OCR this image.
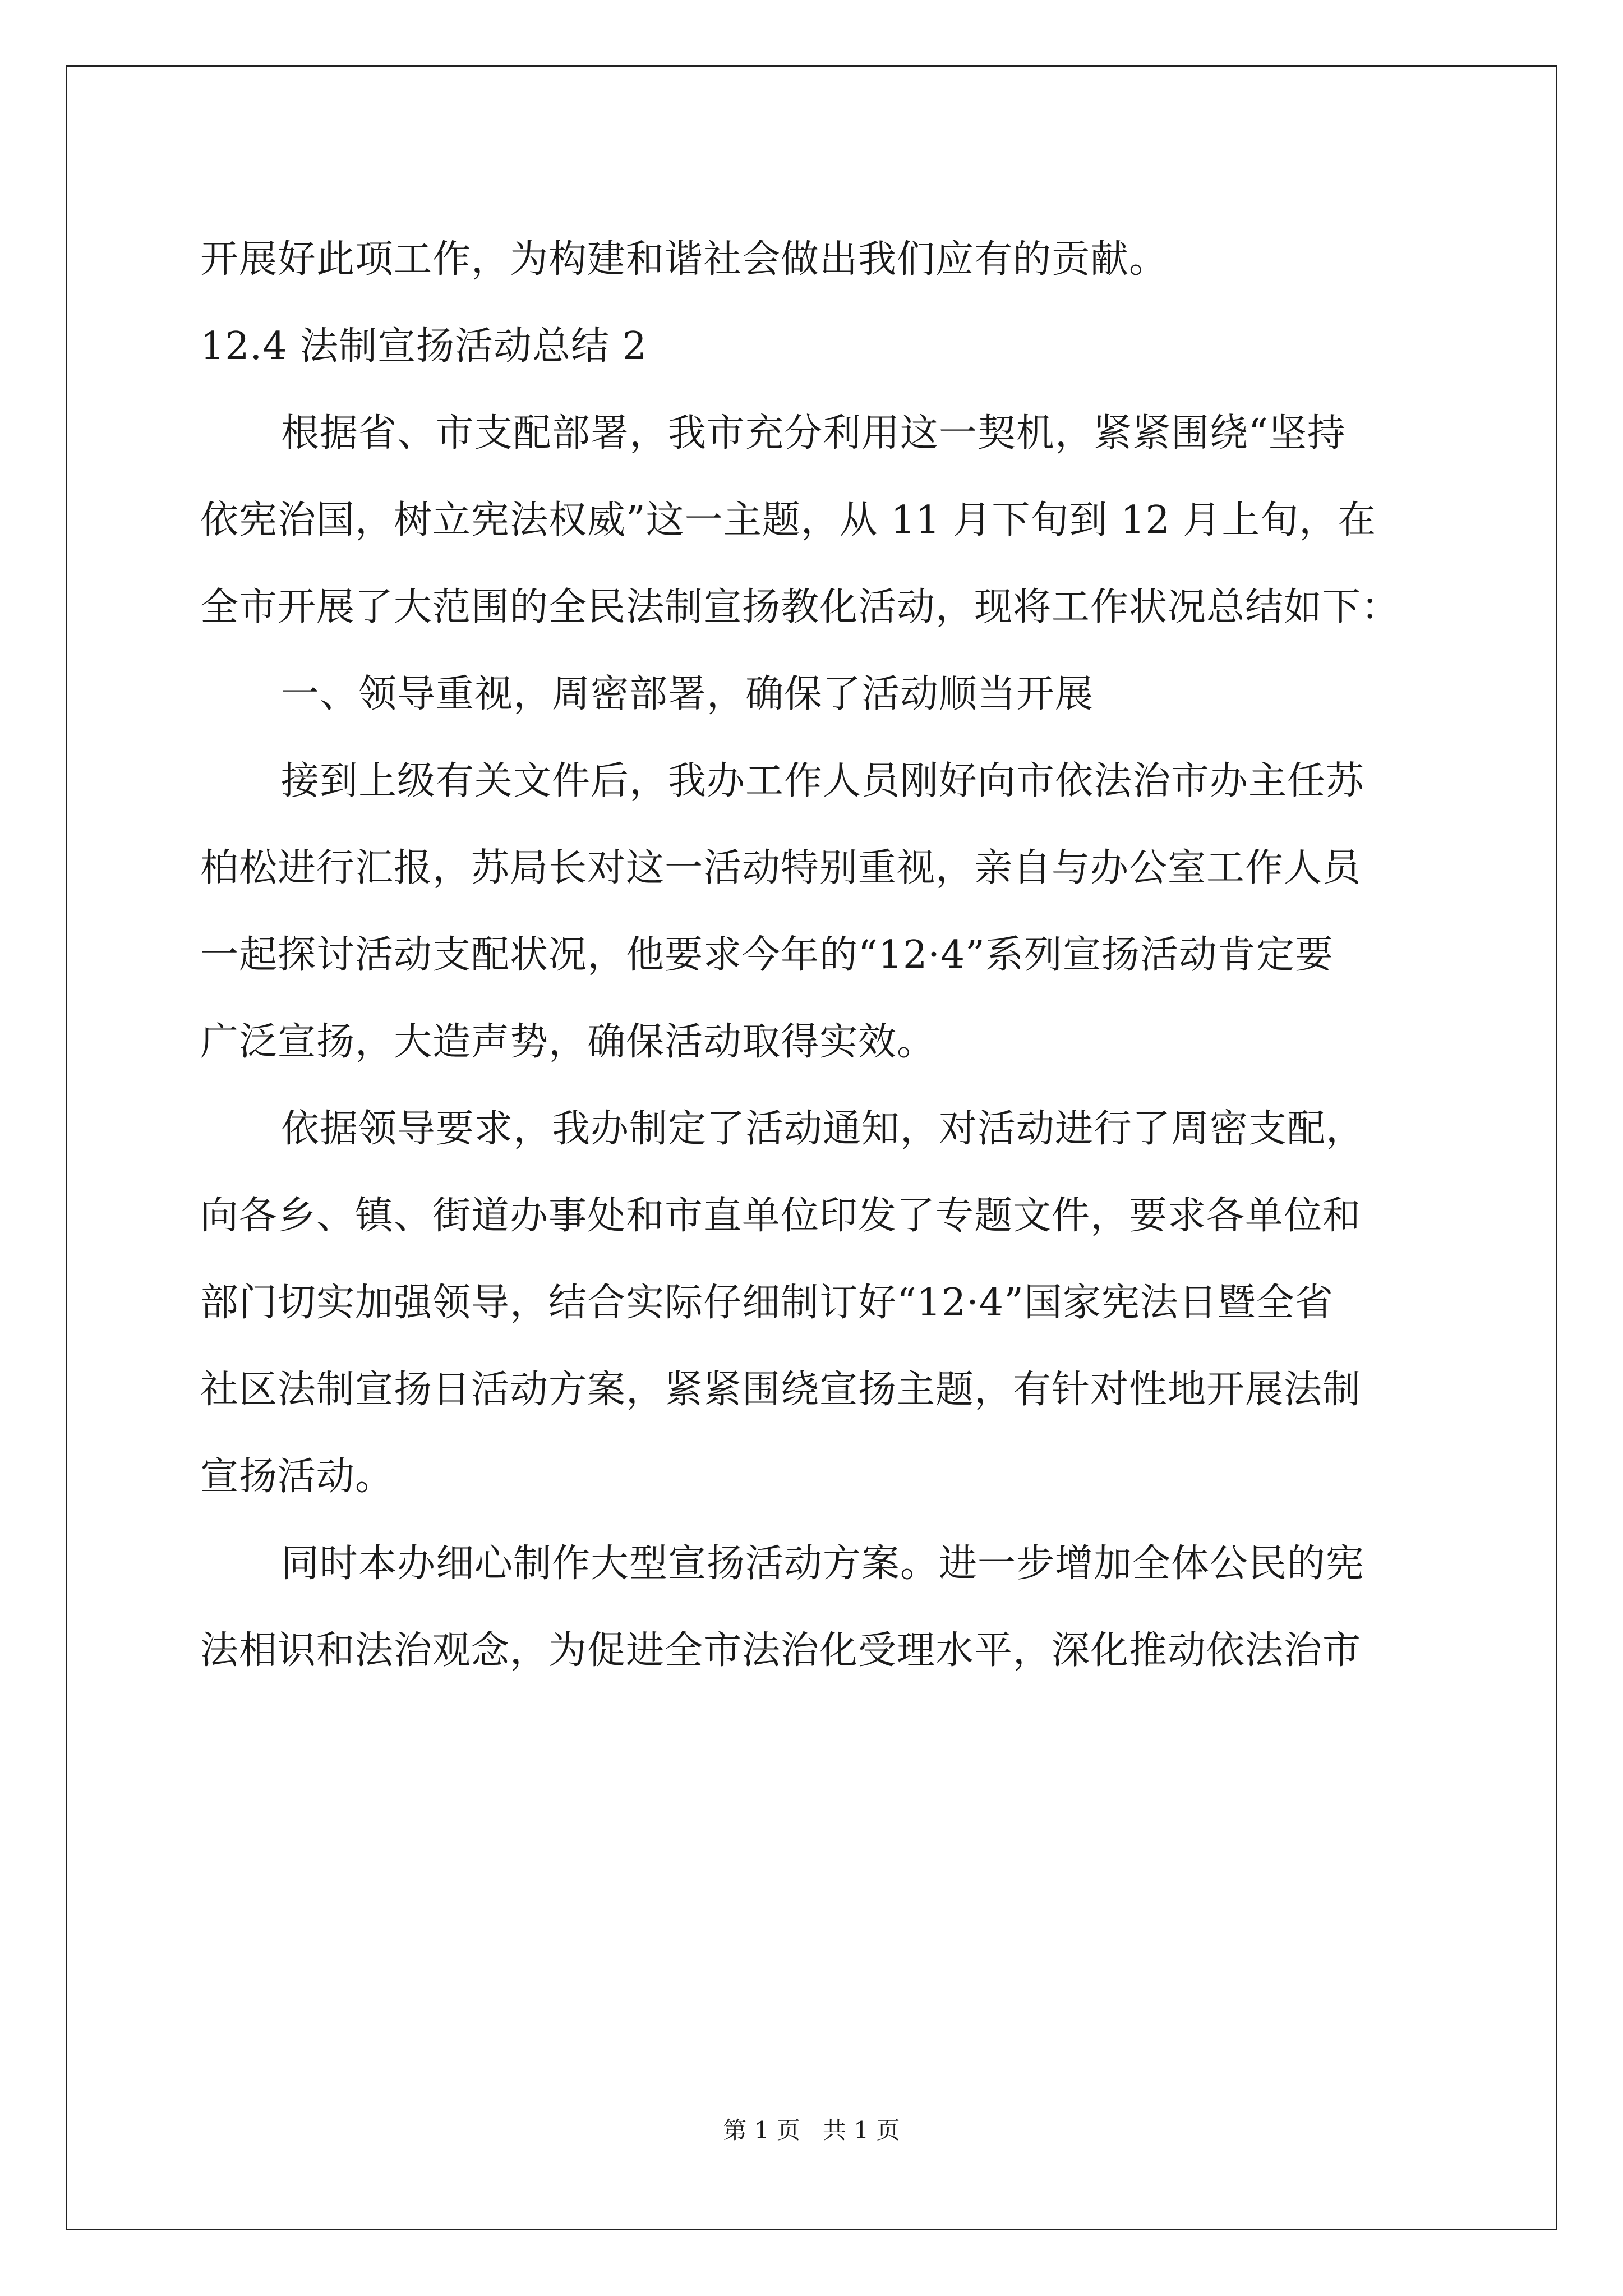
开展好此项工作，为构建和谐社会做出我们应有的贡献。
12.4 法制宣扬活动总结 2
根据省、市支配部署，我市充分利用这一契机，紧紧围绕“坚持
依宪治国，树立宪法权威”这一主题，从 11 月下旬到 12 月上旬，在
全市开展了大范围的全民法制宣扬教化活动，现将工作状况总结如下：
一、领导重视，周密部署，确保了活动顺当开展
接到上级有关文件后，我办工作人员刚好向市依法治市办主任苏
柏松进行汇报，苏局长对这一活动特别重视，亲自与办公室工作人员
一起探讨活动支配状况，他要求今年的“12·4”系列宣扬活动肯定要
广泛宣扬，大造声势，确保活动取得实效。
依据领导要求，我办制定了活动通知，对活动进行了周密支配，
向各乡、镇、街道办事处和市直单位印发了专题文件，要求各单位和
部门切实加强领导，结合实际仔细制订好“12·4”国家宪法日暨全省
社区法制宣扬日活动方案，紧紧围绕宣扬主题，有针对性地开展法制
宣扬活动。
同时本办细心制作大型宣扬活动方案。进一步增加全体公民的宪
法相识和法治观念，为促进全市法治化受理水平，深化推动依法治市
第 1 页   共 1 页
